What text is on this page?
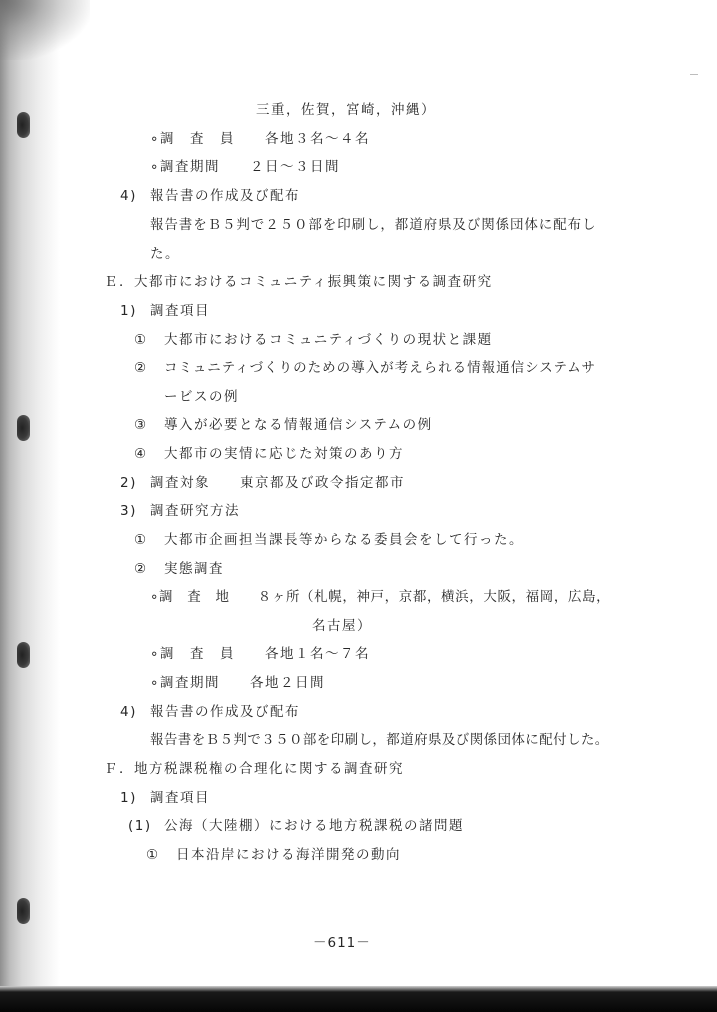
三重，佐賀，宮崎，沖縄）
∘調　査　員　　各地３名～４名
∘調査期間　　２日～３日間
4) 報告書の作成及び配布
報告書をＢ５判で２５０部を印刷し，都道府県及び関係団体に配布し
た。
Ｅ．大都市におけるコミュニティ振興策に関する調査研究
1) 調査項目
① 大都市におけるコミュニティづくりの現状と課題
② コミュニティづくりのための導入が考えられる情報通信システムサ
ービスの例
③ 導入が必要となる情報通信システムの例
④ 大都市の実情に応じた対策のあり方
2) 調査対象　　東京都及び政令指定都市
3) 調査研究方法
① 大都市企画担当課長等からなる委員会をして行った。
② 実態調査
∘調　査　地　　８ヶ所（札幌，神戸，京都，横浜，大阪，福岡，広島，
名古屋）
∘調　査　員　　各地１名～７名
∘調査期間　　各地２日間
4) 報告書の作成及び配布
報告書をＢ５判で３５０部を印刷し，都道府県及び関係団体に配付した。
Ｆ．地方税課税権の合理化に関する調査研究
1) 調査項目
(1) 公海（大陸棚）における地方税課税の諸問題
① 日本沿岸における海洋開発の動向
－611－
